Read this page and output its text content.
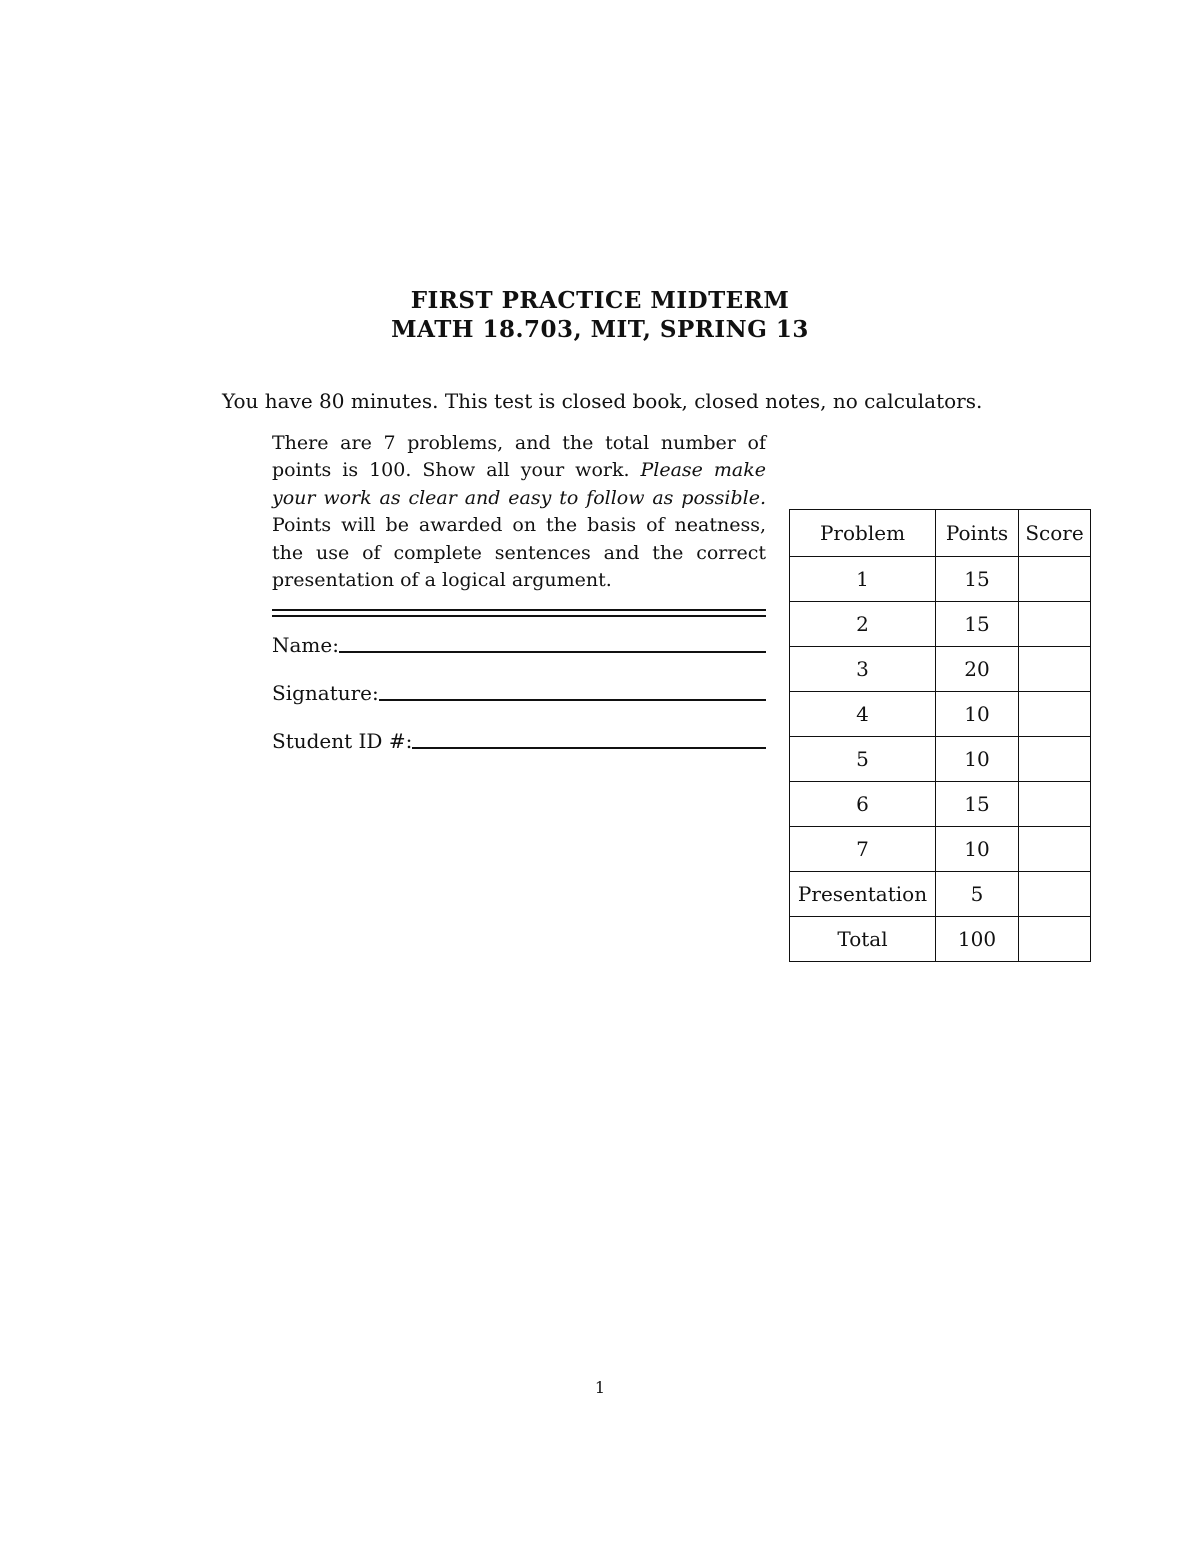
FIRST PRACTICE MIDTERM
MATH 18.703, MIT, SPRING 13
You have 80 minutes. This test is closed book, closed notes, no calculators.
There are 7 problems, and the total number of points is 100. Show all your work. Please make your work as clear and easy to follow as possible. Points will be awarded on the basis of neatness, the use of complete sentences and the correct presentation of a logical argument.
Name:
Signature:
Student ID #:
Problem	Points	Score
1	15	
2	15	
3	20	
4	10	
5	10	
6	15	
7	10	
Presentation	5	
Total	100	
1
